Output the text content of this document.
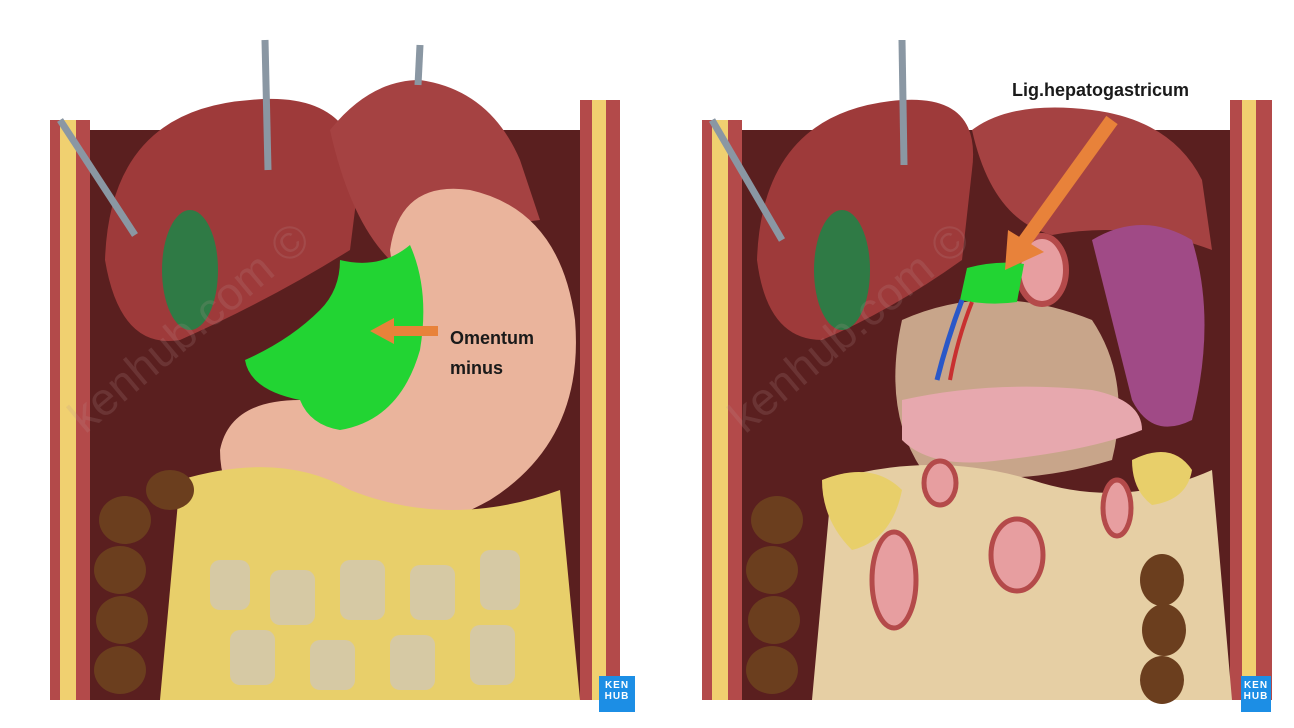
Omentum
minus
Lig.hepatogastricum
KEN
HUB
KEN
HUB
